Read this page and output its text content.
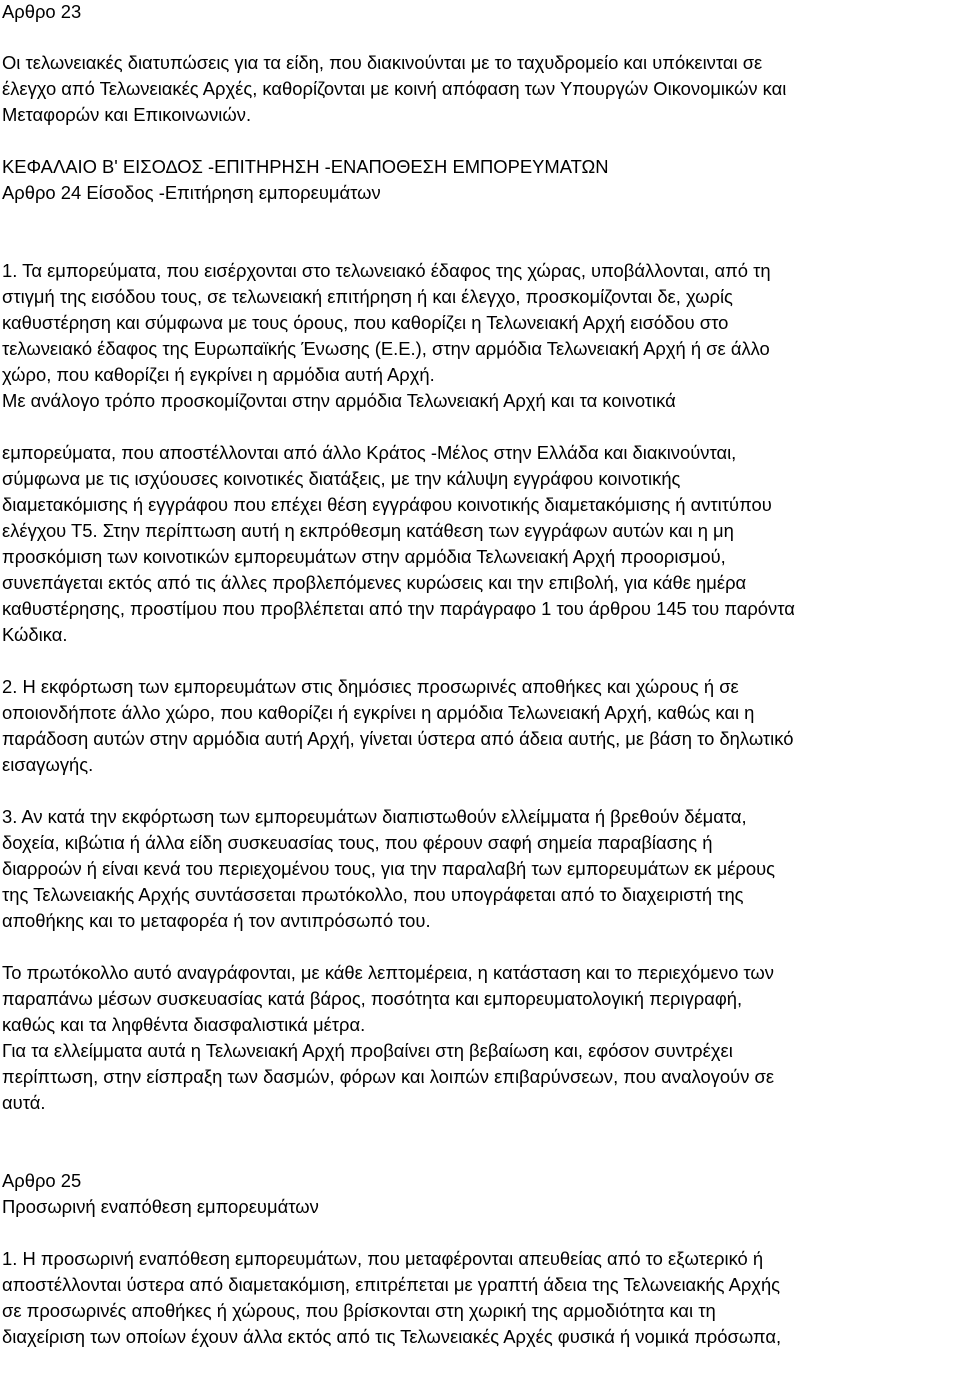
Αρθρο 23
Οι τελωνειακές διατυπώσεις για τα είδη, που διακινούνται με το ταχυδρομείο και υπόκεινται σε
έλεγχο από Τελωνειακές Αρχές, καθορίζονται με κοινή απόφαση των Υπουργών Οικονομικών και
Μεταφορών και Επικοινωνιών.
ΚΕΦΑΛΑΙΟ Β' ΕΙΣΟ∆ΟΣ -ΕΠΙΤΗΡΗΣΗ -ΕΝΑΠΟΘΕΣΗ ΕΜΠΟΡΕΥΜΑΤΩΝ
Αρθρο 24 Είσοδος -Επιτήρηση εμπορευμάτων
1. Τα εμπορεύματα, που εισέρχονται στο τελωνειακό έδαφος της χώρας, υποβάλλονται, από τη
στιγμή της εισόδου τους, σε τελωνειακή επιτήρηση ή και έλεγχο, προσκομίζονται δε, χωρίς
καθυστέρηση και σύμφωνα με τους όρους, που καθορίζει η Τελωνειακή Αρχή εισόδου στο
τελωνειακό έδαφος της Ευρωπαϊκής Ένωσης (Ε.Ε.), στην αρμόδια Τελωνειακή Αρχή ή σε άλλο
χώρο, που καθορίζει ή εγκρίνει η αρμόδια αυτή Αρχή.
Με ανάλογο τρόπο προσκομίζονται στην αρμόδια Τελωνειακή Αρχή και τα κοινοτικά
εμπορεύματα, που αποστέλλονται από άλλο Κράτος -Μέλος στην Ελλάδα και διακινούνται,
σύμφωνα με τις ισχύουσες κοινοτικές διατάξεις, με την κάλυψη εγγράφου κοινοτικής
διαμετακόμισης ή εγγράφου που επέχει θέση εγγράφου κοινοτικής διαμετακόμισης ή αντιτύπου
ελέγχου Τ5. Στην περίπτωση αυτή η εκπρόθεσμη κατάθεση των εγγράφων αυτών και η μη
προσκόμιση των κοινοτικών εμπορευμάτων στην αρμόδια Τελωνειακή Αρχή προορισμού,
συνεπάγεται εκτός από τις άλλες προβλεπόμενες κυρώσεις και την επιβολή, για κάθε ημέρα
καθυστέρησης, προστίμου που προβλέπεται από την παράγραφο 1 του άρθρου 145 του παρόντα
Κώδικα.
2. Η εκφόρτωση των εμπορευμάτων στις δημόσιες προσωρινές αποθήκες και χώρους ή σε
οποιονδήποτε άλλο χώρο, που καθορίζει ή εγκρίνει η αρμόδια Τελωνειακή Αρχή, καθώς και η
παράδοση αυτών στην αρμόδια αυτή Αρχή, γίνεται ύστερα από άδεια αυτής, με βάση το δηλωτικό
εισαγωγής.
3. Αν κατά την εκφόρτωση των εμπορευμάτων διαπιστωθούν ελλείμματα ή βρεθούν δέματα,
δοχεία, κιβώτια ή άλλα είδη συσκευασίας τους, που φέρουν σαφή σημεία παραβίασης ή
διαρροών ή είναι κενά του περιεχομένου τους, για την παραλαβή των εμπορευμάτων εκ μέρους
της Τελωνειακής Αρχής συντάσσεται πρωτόκολλο, που υπογράφεται από το διαχειριστή της
αποθήκης και το μεταφορέα ή τον αντιπρόσωπό του.
Το πρωτόκολλο αυτό αναγράφονται, με κάθε λεπτομέρεια, η κατάσταση και το περιεχόμενο των
παραπάνω μέσων συσκευασίας κατά βάρος, ποσότητα και εμπορευματολογική περιγραφή,
καθώς και τα ληφθέντα διασφαλιστικά μέτρα.
Για τα ελλείμματα αυτά η Τελωνειακή Αρχή προβαίνει στη βεβαίωση και, εφόσον συντρέχει
περίπτωση, στην είσπραξη των δασμών, φόρων και λοιπών επιβαρύνσεων, που αναλογούν σε
αυτά.
Αρθρο 25
Προσωρινή εναπόθεση εμπορευμάτων
1. Η προσωρινή εναπόθεση εμπορευμάτων, που μεταφέρονται απευθείας από το εξωτερικό ή
αποστέλλονται ύστερα από διαμετακόμιση, επιτρέπεται με γραπτή άδεια της Τελωνειακής Αρχής
σε προσωρινές αποθήκες ή χώρους, που βρίσκονται στη χωρική της αρμοδιότητα και τη
διαχείριση των οποίων έχουν άλλα εκτός από τις Τελωνειακές Αρχές φυσικά ή νομικά πρόσωπα,
